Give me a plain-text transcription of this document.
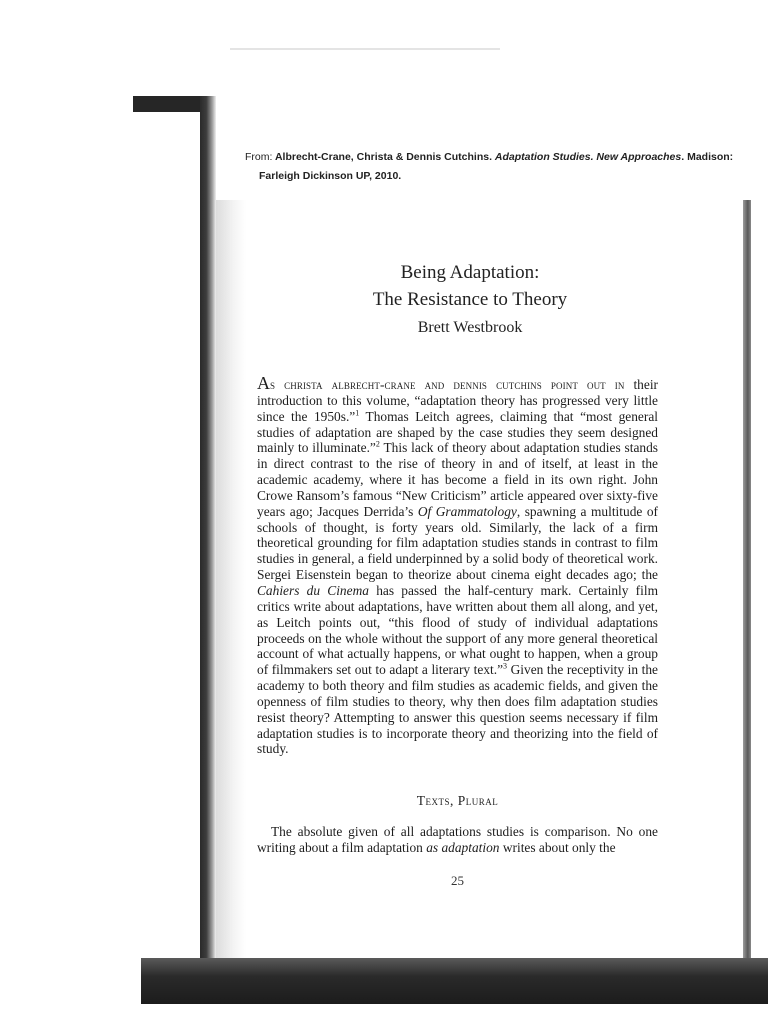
From: Albrecht-Crane, Christa & Dennis Cutchins. Adaptation Studies. New Approaches. Madison:
Farleigh Dickinson UP, 2010.
Being Adaptation:
The Resistance to Theory
Brett Westbrook
As christa albrecht-crane and dennis cutchins point out in their introduction to this volume, “adaptation theory has progressed very little since the 1950s.”$^1$ Thomas Leitch agrees, claiming that “most general studies of adaptation are shaped by the case studies they seem designed mainly to illuminate.”$^2$ This lack of theory about adaptation studies stands in direct contrast to the rise of theory in and of itself, at least in the academic academy, where it has become a field in its own right. John Crowe Ransom’s famous “New Criticism” article appeared over sixty-five years ago; Jacques Derrida’s Of Grammatology, spawning a multitude of schools of thought, is forty years old. Similarly, the lack of a firm theoretical grounding for film adaptation studies stands in contrast to film studies in general, a field underpinned by a solid body of theoretical work. Sergei Eisenstein began to theorize about cinema eight decades ago; the Cahiers du Cinema has passed the half-century mark. Certainly film critics write about adaptations, have written about them all along, and yet, as Leitch points out, “this flood of study of individual adaptations proceeds on the whole without the support of any more general theoretical account of what actually happens, or what ought to happen, when a group of filmmakers set out to adapt a literary text.”$^3$ Given the receptivity in the academy to both theory and film studies as academic fields, and given the openness of film studies to theory, why then does film adaptation studies resist theory? Attempting to answer this question seems necessary if film adaptation studies is to incorporate theory and theorizing into the field of study.
Texts, Plural
The absolute given of all adaptations studies is comparison. No one writing about a film adaptation as adaptation writes about only the
25
